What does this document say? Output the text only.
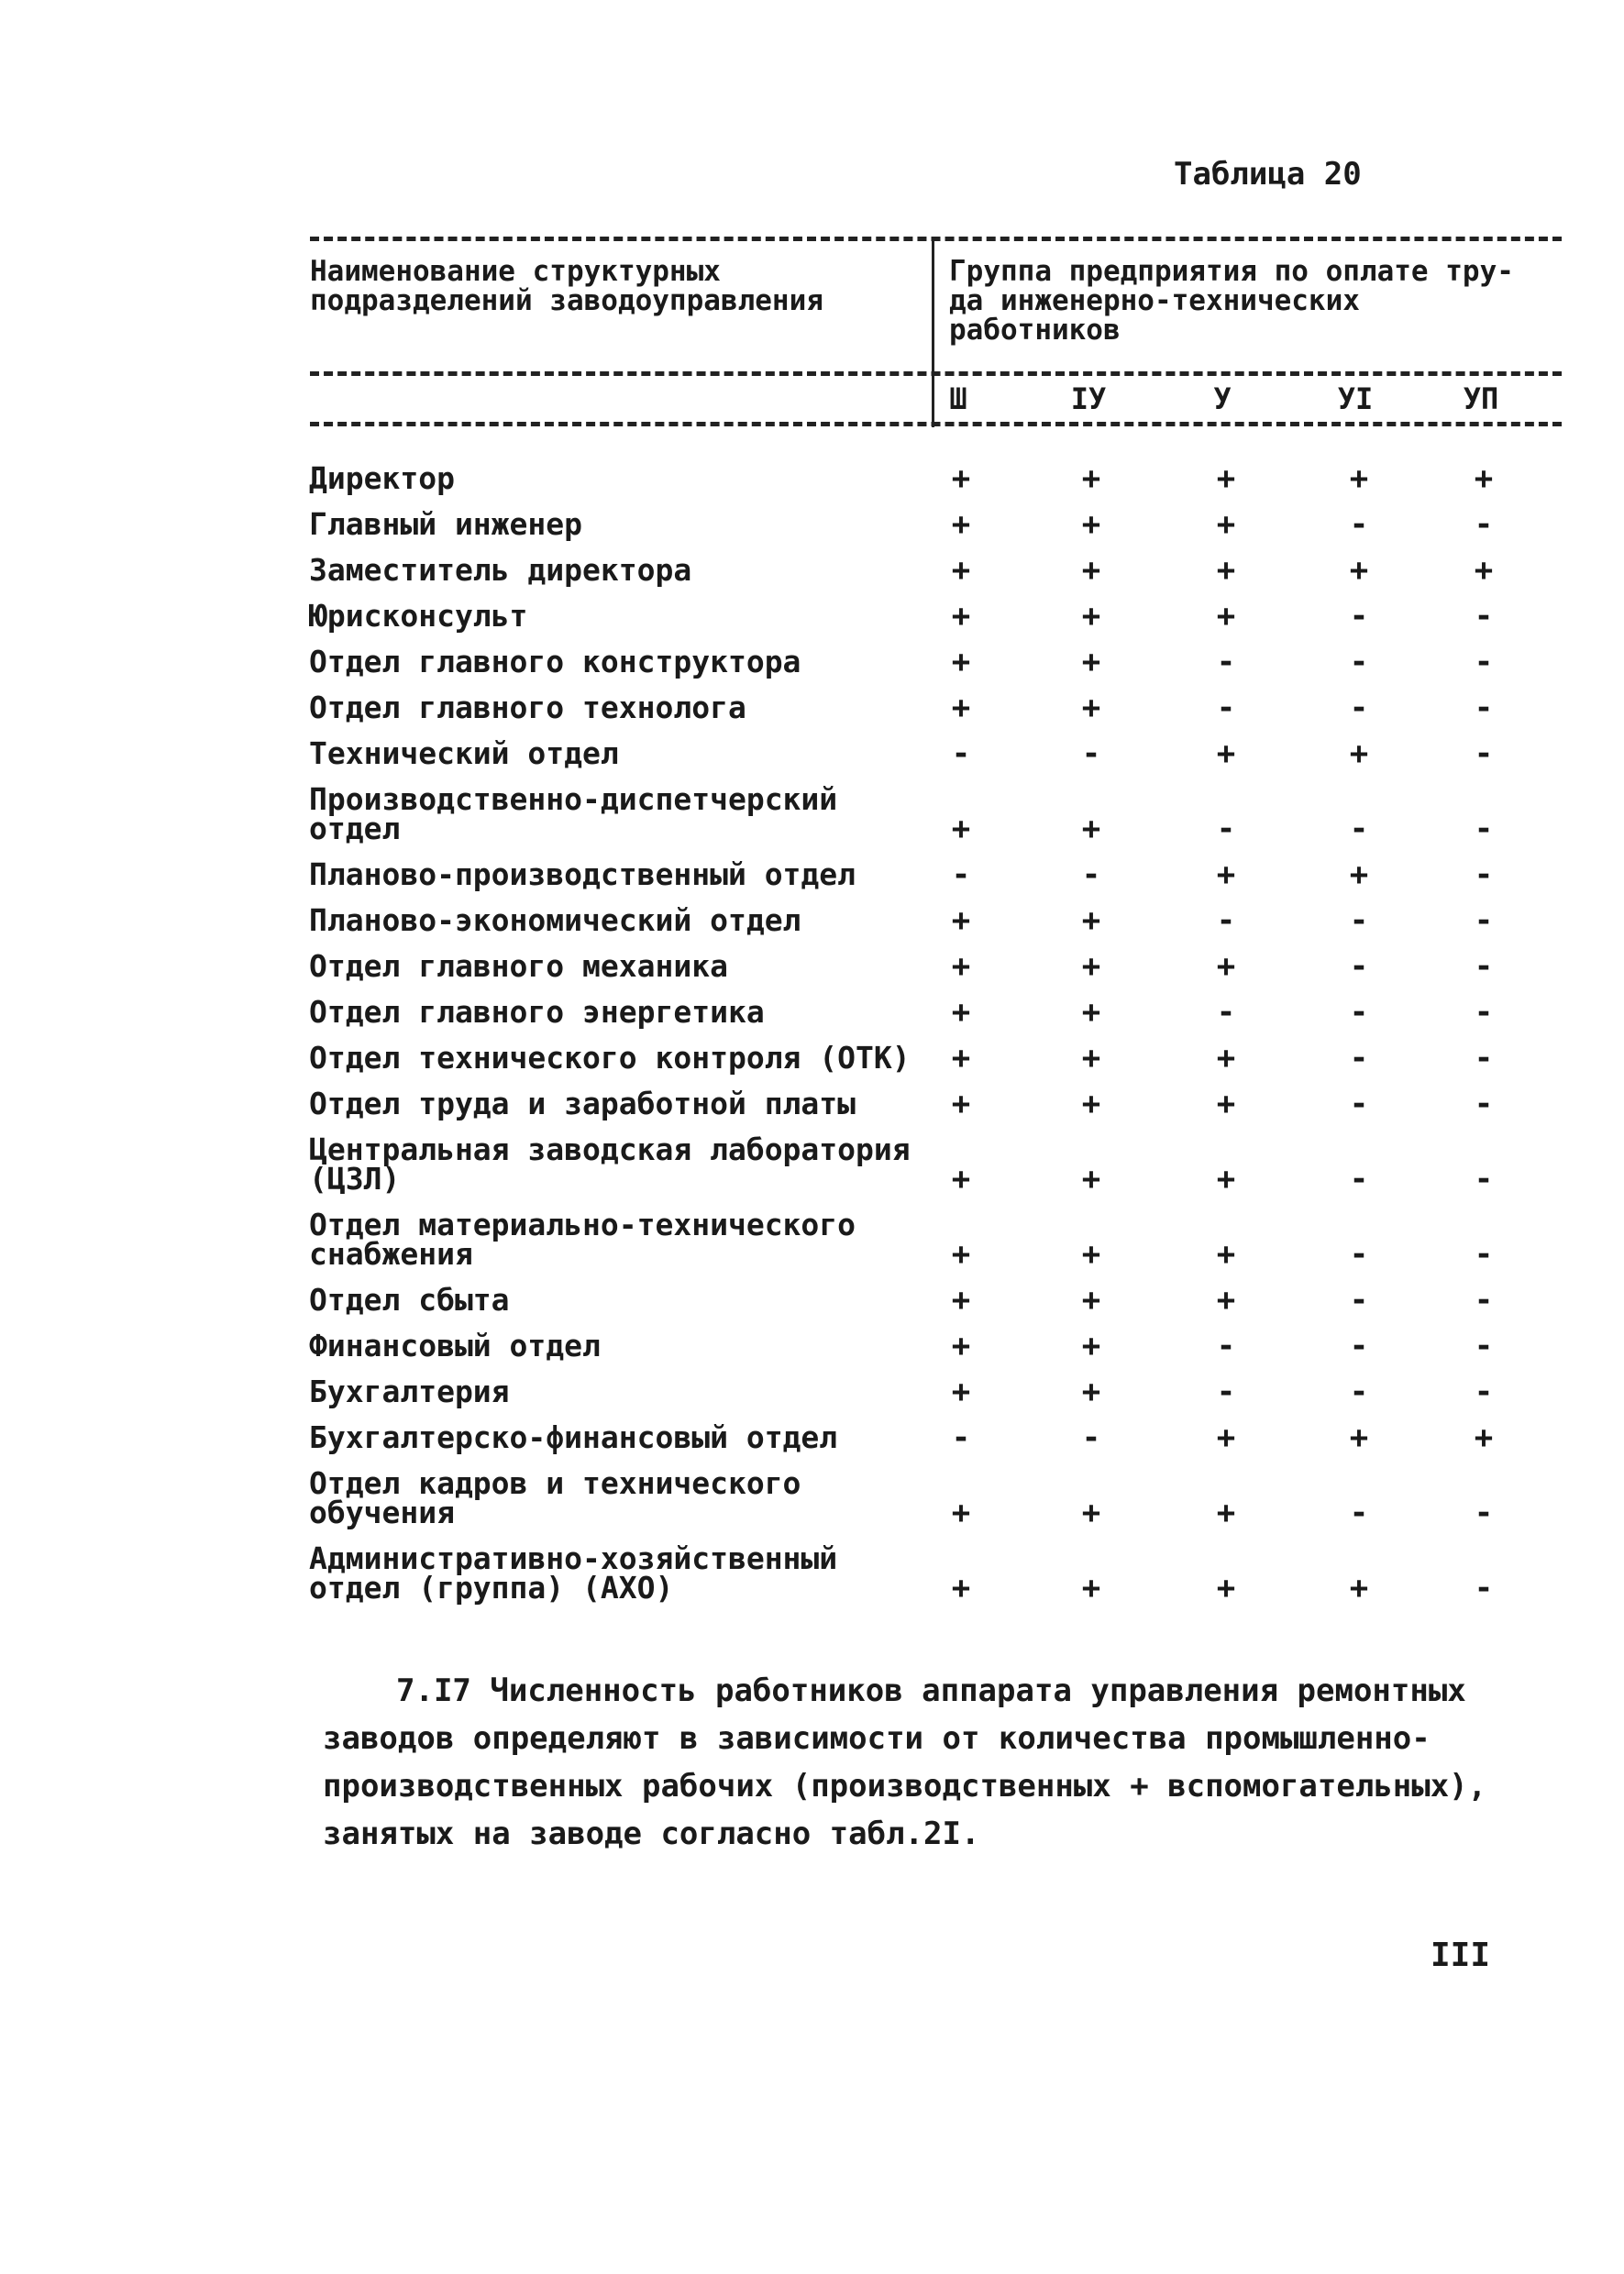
Таблица 20
Наименование структурных
подразделений заводоуправления
Группа предприятия по оплате тру-
да инженерно-технических
работников
Ш	IУ	У	УI	УП
Директор	+	+	+	+	+
Главный инженер	+	+	+	-	-
Заместитель директора	+	+	+	+	+
Юрисконсульт	+	+	+	-	-
Отдел главного конструктора	+	+	-	-	-
Отдел главного технолога	+	+	-	-	-
Технический отдел	-	-	+	+	-
Производственно-диспетчерский
отдел	+	+	-	-	-
Планово-производственный отдел	-	-	+	+	-
Планово-экономический отдел	+	+	-	-	-
Отдел главного механика	+	+	+	-	-
Отдел главного энергетика	+	+	-	-	-
Отдел технического контроля (ОТК)	+	+	+	-	-
Отдел труда и заработной платы	+	+	+	-	-
Центральная заводская лаборатория
(ЦЗЛ)	+	+	+	-	-
Отдел материально-технического
снабжения	+	+	+	-	-
Отдел сбыта	+	+	+	-	-
Финансовый отдел	+	+	-	-	-
Бухгалтерия	+	+	-	-	-
Бухгалтерско-финансовый отдел	-	-	+	+	+
Отдел кадров и технического
обучения	+	+	+	-	-
Административно-хозяйственный
отдел (группа) (АХО)	+	+	+	+	-
7.I7 Численность работников аппарата управления ремонтных заводов определяют в зависимости от количества промышленно-производственных рабочих (производственных + вспомогательных), занятых на заводе согласно табл.2I.
III
